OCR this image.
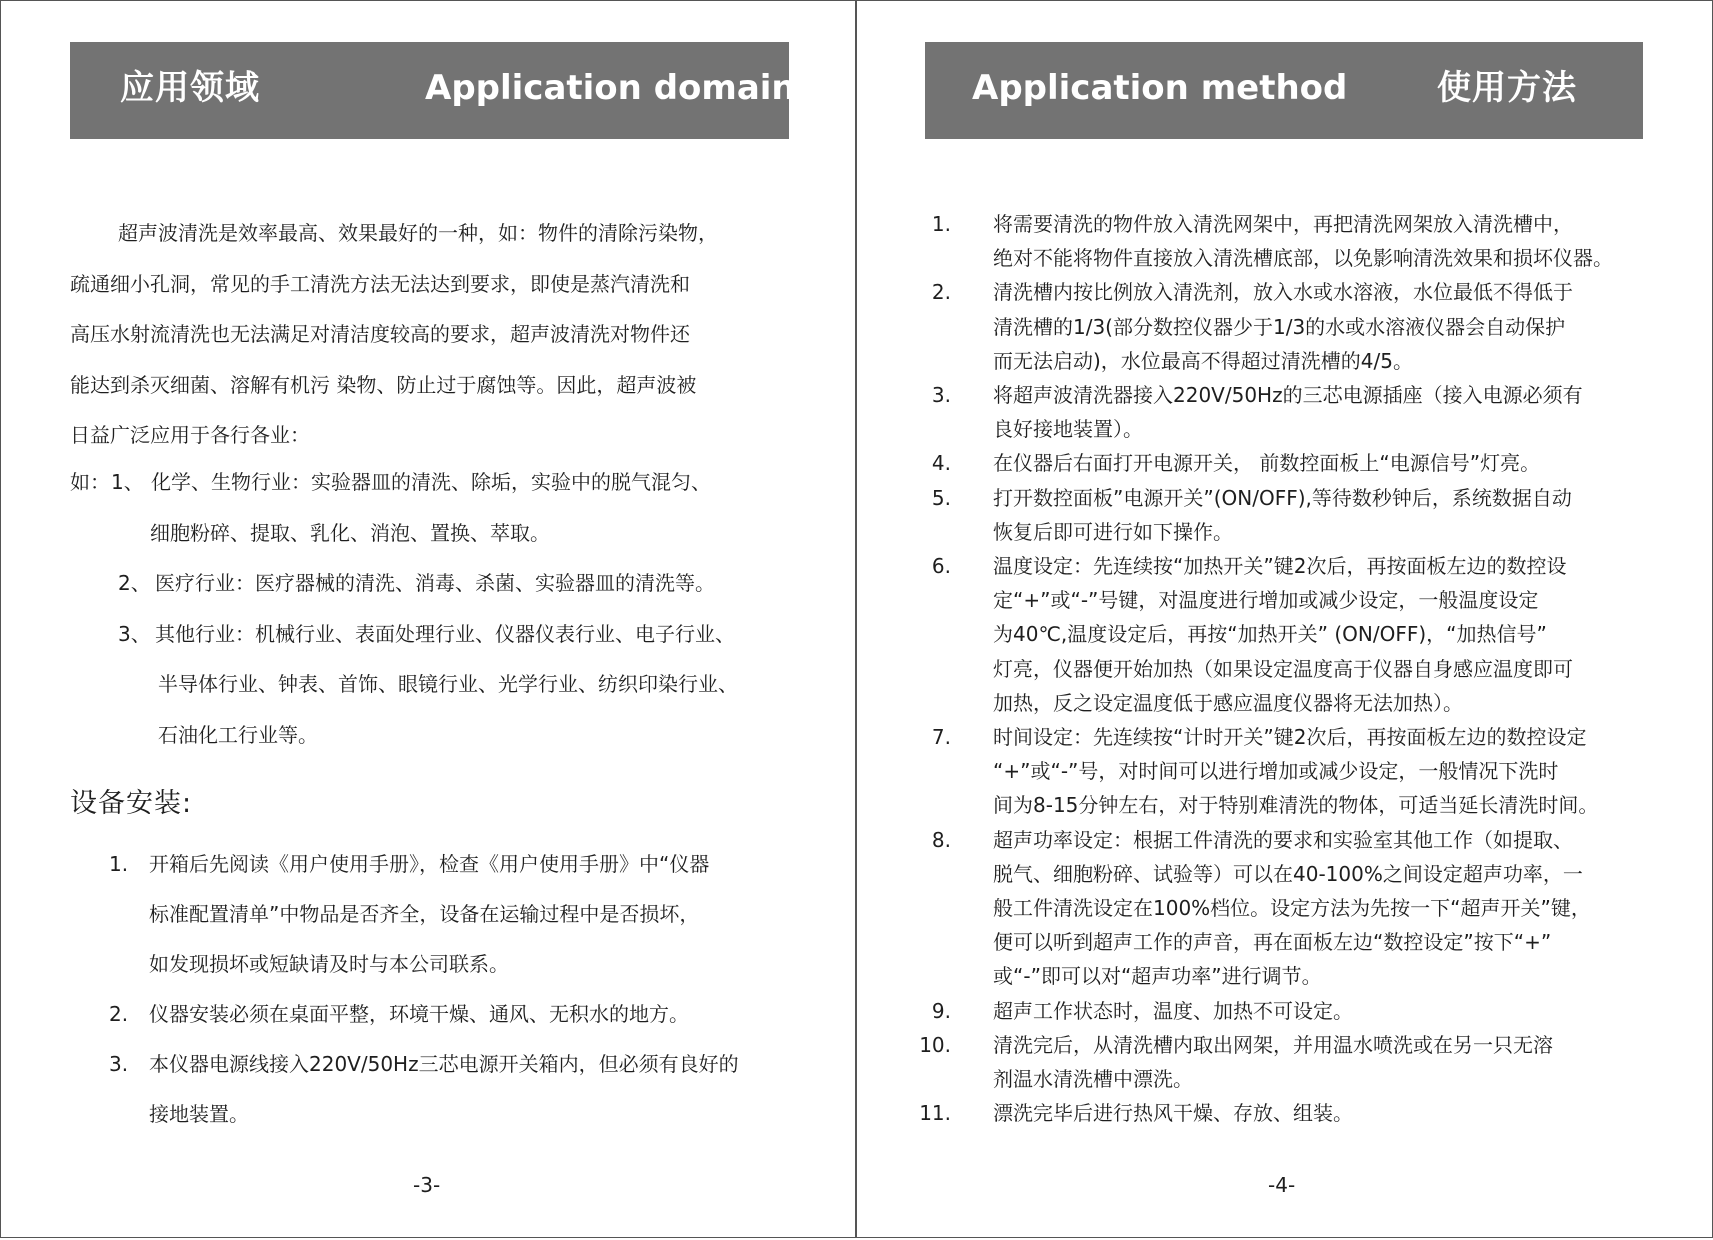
应用领域	Application domain

超声波清洗是效率最高、效果最好的一种，如：物件的清除污染物，
疏通细小孔洞，常见的手工清洗方法无法达到要求，即使是蒸汽清洗和
高压水射流清洗也无法满足对清洁度较高的要求，超声波清洗对物件还
能达到杀灭细菌、溶解有机污 染物、防止过于腐蚀等。因此，超声波被
日益广泛应用于各行各业：

如： 1、 化学、生物行业：实验器皿的清洗、除垢，实验中的脱气混匀、
细胞粉碎、提取、乳化、消泡、置换、萃取。
2、 医疗行业：医疗器械的清洗、消毒、杀菌、实验器皿的清洗等。
3、 其他行业：机械行业、表面处理行业、仪器仪表行业、电子行业、
半导体行业、钟表、首饰、眼镜行业、光学行业、纺织印染行业、
石油化工行业等。
设备安装:
1. 开箱后先阅读《用户使用手册》，检查《用户使用手册》中“仪器
标准配置清单”中物品是否齐全，设备在运输过程中是否损坏，
如发现损坏或短缺请及时与本公司联系。
2. 仪器安装必须在桌面平整，环境干燥、通风、无积水的地方。
3. 本仪器电源线接入220V/50Hz三芯电源开关箱内，但必须有良好的
接地装置。
-3-
Application method	使用方法
1. 将需要清洗的物件放入清洗网架中，再把清洗网架放入清洗槽中，
绝对不能将物件直接放入清洗槽底部，以免影响清洗效果和损坏仪器。
2. 清洗槽内按比例放入清洗剂，放入水或水溶液，水位最低不得低于
清洗槽的1/3(部分数控仪器少于1/3的水或水溶液仪器会自动保护
而无法启动)，水位最高不得超过清洗槽的4/5。
3. 将超声波清洗器接入220V/50Hz的三芯电源插座（接入电源必须有
良好接地装置）。
4. 在仪器后右面打开电源开关， 前数控面板上“电源信号”灯亮。
5. 打开数控面板”电源开关”(ON/OFF),等待数秒钟后，系统数据自动
恢复后即可进行如下操作。
6. 温度设定：先连续按“加热开关”键2次后，再按面板左边的数控设
定“+”或“-”号键，对温度进行增加或减少设定，一般温度设定
为40℃,温度设定后，再按“加热开关” (ON/OFF)，“加热信号”
灯亮，仪器便开始加热（如果设定温度高于仪器自身感应温度即可
加热，反之设定温度低于感应温度仪器将无法加热）。
7. 时间设定：先连续按“计时开关”键2次后，再按面板左边的数控设定
“+”或“-”号，对时间可以进行增加或减少设定，一般情况下洗时
间为8-15分钟左右，对于特别难清洗的物体，可适当延长清洗时间。
8. 超声功率设定：根据工件清洗的要求和实验室其他工作（如提取、
脱气、细胞粉碎、试验等）可以在40-100%之间设定超声功率，一
般工件清洗设定在100%档位。设定方法为先按一下“超声开关”键，
便可以听到超声工作的声音，再在面板左边“数控设定”按下“+”
或“-”即可以对“超声功率”进行调节。
9. 超声工作状态时，温度、加热不可设定。
10. 清洗完后，从清洗槽内取出网架，并用温水喷洗或在另一只无溶
剂温水清洗槽中漂洗。
11. 漂洗完毕后进行热风干燥、存放、组装。
-4-
